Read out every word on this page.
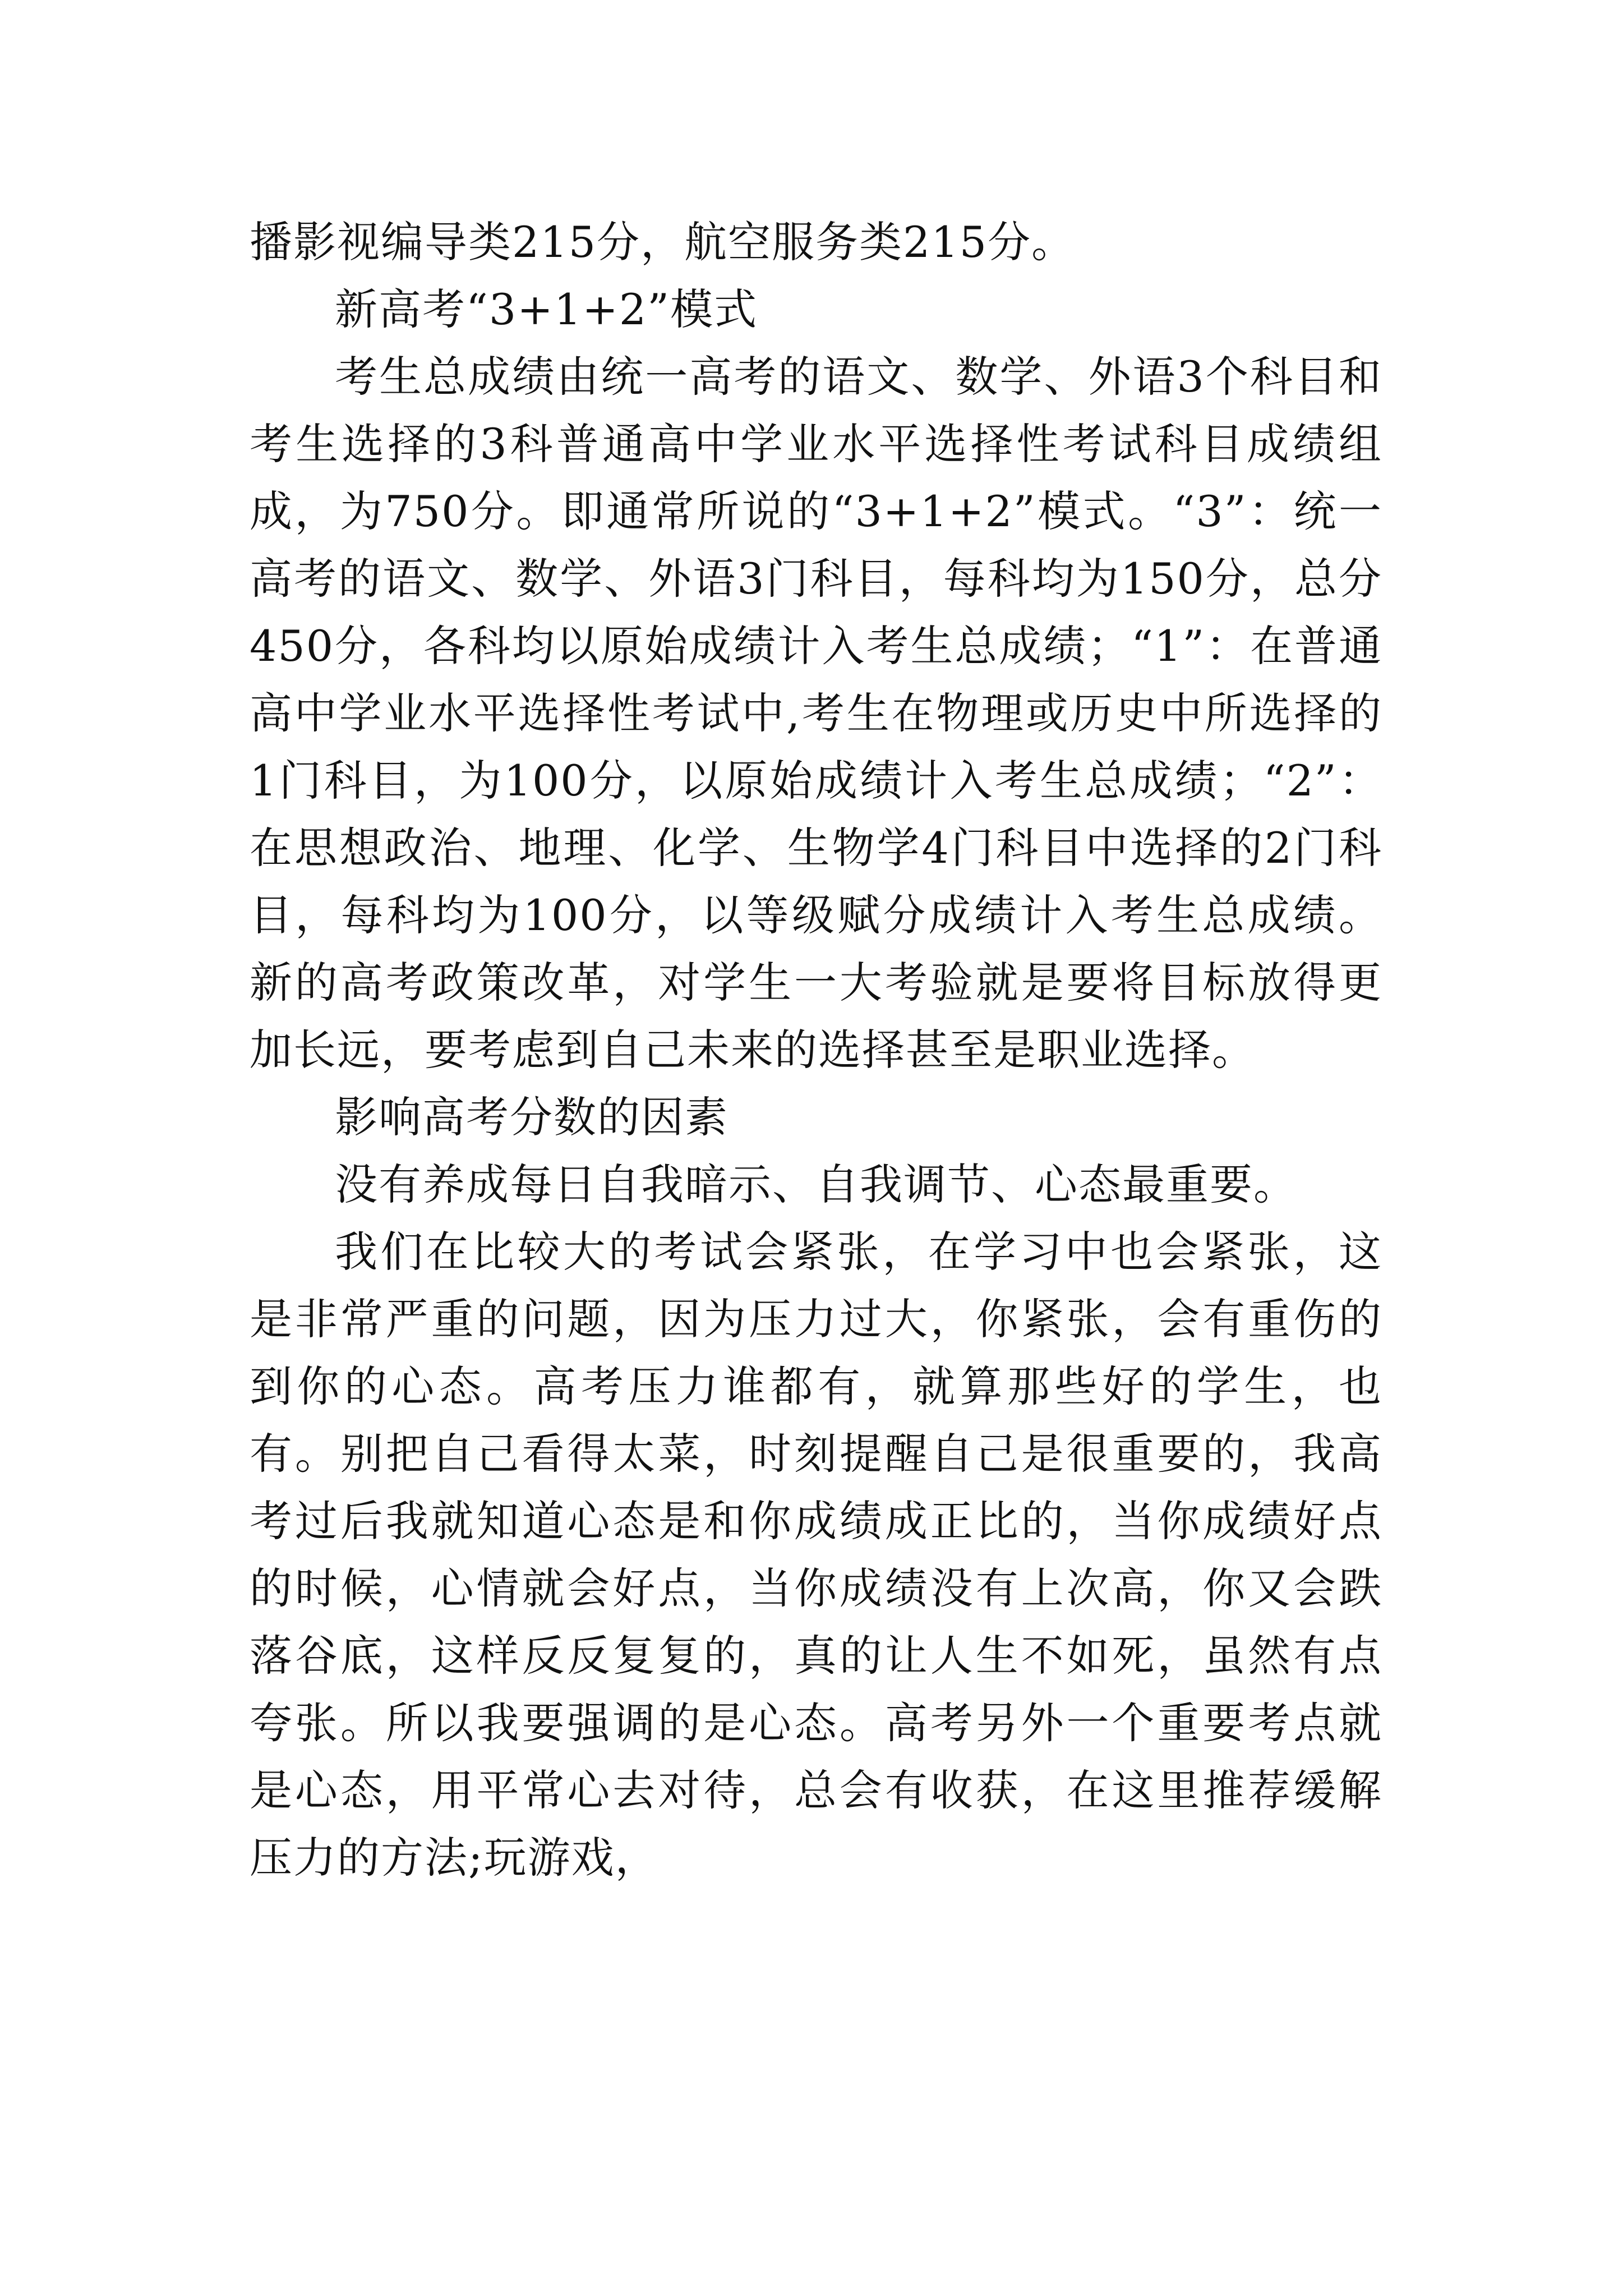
播影视编导类215分，航空服务类215分。

新高考“3+1+2”模式

考生总成绩由统一高考的语文、数学、外语3个科目和考生选择的3科普通高中学业水平选择性考试科目成绩组成，为750分。即通常所说的“3+1+2”模式。“3”：统一高考的语文、数学、外语3门科目，每科均为150分，总分450分，各科均以原始成绩计入考生总成绩；“1”：在普通高中学业水平选择性考试中,考生在物理或历史中所选择的1门科目，为100分，以原始成绩计入考生总成绩；“2”：在思想政治、地理、化学、生物学4门科目中选择的2门科目，每科均为100分，以等级赋分成绩计入考生总成绩。新的高考政策改革，对学生一大考验就是要将目标放得更加长远，要考虑到自己未来的选择甚至是职业选择。

影响高考分数的因素

没有养成每日自我暗示、自我调节、心态最重要。

我们在比较大的考试会紧张，在学习中也会紧张，这是非常严重的问题，因为压力过大，你紧张，会有重伤的到你的心态。高考压力谁都有，就算那些好的学生，也有。别把自己看得太菜，时刻提醒自己是很重要的，我高考过后我就知道心态是和你成绩成正比的，当你成绩好点的时候，心情就会好点，当你成绩没有上次高，你又会跌落谷底，这样反反复复的，真的让人生不如死，虽然有点夸张。所以我要强调的是心态。高考另外一个重要考点就是心态，用平常心去对待，总会有收获，在这里推荐缓解压力的方法;玩游戏，
